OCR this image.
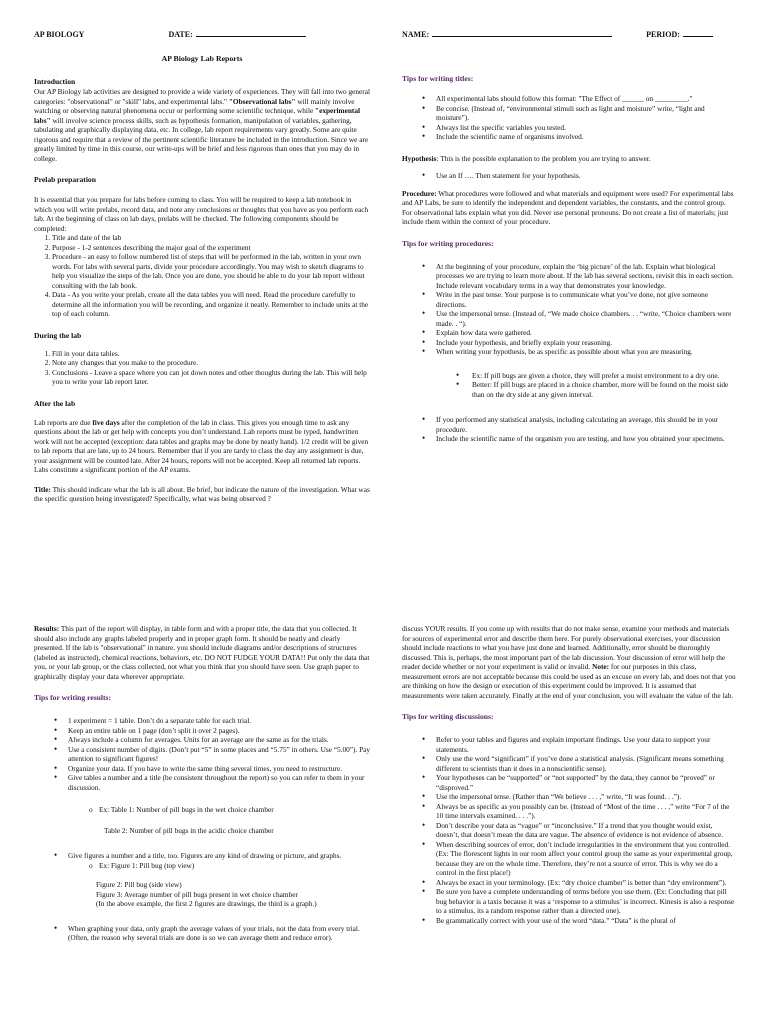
AP BIOLOGY	DATE:
AP Biology Lab Reports
Introduction

Our AP Biology lab activities are designed to provide a wide variety of experiences. They will fall into two general categories: "observational" or "skill" labs, and experimental labs." "Observational labs" will mainly involve watching or observing natural phenomena occur or performing some scientific technique, while "experimental labs" will involve science process skills, such as hypothesis formation, manipulation of variables, gathering, tabulating and graphically displaying data, etc. In college, lab report requirements vary greatly. Some are quite rigorous and require that a review of the pertinent scientific literature be included in the introduction. Since we are greatly limited by time in this course, our write-ups will be brief and less rigorous than ones that you may do in college.

Prelab preparation

It is essential that you prepare for labs before coming to class. You will be required to keep a lab notebook in which you will write prelabs, record data, and note any conclusions or thoughts that you have as you perform each lab. At the beginning of class on lab days, prelabs will be checked. The following components should be completed:

1. Title and date of the lab
2. Purpose - 1-2 sentences describing the major goal of the experiment
3. Procedure - an easy to follow numbered list of steps that will be performed in the lab, written in your own words. For labs with several parts, divide your procedure accordingly. You may wish to sketch diagrams to help you visualize the steps of the lab. Once you are done, you should be able to do your lab report without consulting with the lab book.
4. Data - As you write your prelab, create all the data tables you will need. Read the procedure carefully to determine all the information you will be recording, and organize it neatly. Remember to include units at the top of each column.
During the lab
1. Fill in your data tables.
2. Note any changes that you make to the procedure.
3. Conclusions - Leave a space where you can jot down notes and other thoughts during the lab. This will help you to write your lab report later.
After the lab

Lab reports are due five days after the completion of the lab in class. This gives you enough time to ask any questions about the lab or get help with concepts you don’t understand. Lab reports must be typed, handwritten work will not be accepted (exception: data tables and graphs may be done by neatly hand). 1/2 credit will be given to lab reports that are late, up to 24 hours. Remember that if you are tardy to class the day any assignment is due, your assignment will be counted late. After 24 hours, reports will not be accepted. Keep all returned lab reports. Labs constitute a significant portion of the AP exams.

Title: This should indicate what the lab is all about. Be brief, but indicate the nature of the investigation. What was the specific question being investigated? Specifically, what was being observed ?

NAME:	PERIOD:
Tips for writing titles:
• All experimental labs should follow this format: "The Effect of ______ on _________."
• Be concise. (Instead of, “environmental stimuli such as light and moisture” write, “light and moisture”).
• Always list the specific variables you tested.
• Include the scientific name of organisms involved.

Hypothesis: This is the possible explanation to the problem you are trying to answer.

• Use an If …. Then statement for your hypothesis.

Procedure: What procedures were followed and what materials and equipment were used? For experimental labs and AP Labs, be sure to identify the independent and dependent variables, the constants, and the control group. For observational labs explain what you did. Never use personal pronouns. Do not create a list of materials; just include them within the context of your procedure.

Tips for writing procedures:
• At the beginning of your procedure, explain the ‘big picture’ of the lab. Explain what biological processes we are trying to learn more about. If the lab has several sections, revisit this in each section. Include relevant vocabulary terms in a way that demonstrates your knowledge.
• Write in the past tense. Your purpose is to communicate what you’ve done, not give someone directions.
• Use the impersonal tense. (Instead of, “We made choice chambers. . . “write, “Choice chambers were made. . “).
• Explain how data were gathered.
• Include your hypothesis, and briefly explain your reasoning.
• When writing your hypothesis, be as specific as possible about what you are measuring.
• Ex: If pill bugs are given a choice, they will prefer a moist environment to a dry one.
• Better: If pill bugs are placed in a choice chamber, more will be found on the moist side than on the dry side at any given interval.
• If you performed any statistical analysis, including calculating an average, this should be in your procedure.
• Include the scientific name of the organism you are testing, and how you obtained your specimens.

Results: This part of the report will display, in table form and with a proper title, the data that you collected. It should also include any graphs labeled properly and in proper graph form. It should be neatly and clearly presented. If the lab is "observational" in nature, you should include diagrams and/or descriptions of structures (labeled as instructed), chemical reactions, behaviors, etc. DO NOT FUDGE YOUR DATA!! Put only the data that you, or your lab group, or the class collected, not what you think that you should have seen. Use graph paper to graphically display your data wherever appropriate.

Tips for writing results:
• 1 experiment = 1 table. Don’t do a separate table for each trial.
• Keep an entire table on 1 page (don’t split it over 2 pages).
• Always include a column for averages. Units for an average are the same as for the trials.
• Use a consistent number of digits. (Don’t put “5” in some places and “5.75” in others. Use “5.00”). Pay attention to significant figures!
• Organize your data. If you have to write the same thing several times, you need to restructure.
• Give tables a number and a title (be consistent throughout the report) so you can refer to them in your discussion.
o Ex: Table 1: Number of pill bugs in the wet choice chamber
Table 2: Number of pill bugs in the acidic choice chamber
• Give figures a number and a title, too. Figures are any kind of drawing or picture, and graphs.
o Ex: Figure 1: Pill bug (top view)
Figure 2: Pill bug (side view)
Figure 3: Average number of pill bugs present in wet choice chamber
(In the above example, the first 2 figures are drawings, the third is a graph.)
• When graphing your data, only graph the average values of your trials, not the data from every trial. (Often, the reason why several trials are done is so we can average them and reduce error).

discuss YOUR results. If you come up with results that do not make sense, examine your methods and materials for sources of experimental error and describe them here. For purely observational exercises, your discussion should include reactions to what you have just done and learned. Additionally, error should be thoroughly discussed. This is, perhaps, the most important part of the lab discussion. Your discussion of error will help the reader decide whether or not your experiment is valid or invalid. Note: for our purposes in this class, measurement errors are not acceptable because this could be used as an excuse on every lab, and does not that you are thinking on how the design or execution of this experiment could be improved. It is assumed that measurements were taken accurately. Finally at the end of your conclusion, you will evaluate the value of the lab.

Tips for writing discussions:
• Refer to your tables and figures and explain important findings. Use your data to support your statements.
• Only use the word “significant” if you’ve done a statistical analysis. (Significant means something different to scientists than it does in a nonscientific sense).
• Your hypotheses can be “supported” or “not supported” by the data, they cannot be “proved” or “disproved.”
• Use the impersonal tense. (Rather than “We believe . . . ,” write, “It was found. . .”).
• Always be as specific as you possibly can be. (Instead of “Most of the time . . . ,” write “For 7 of the 10 time intervals examined. . . .”).
• Don’t describe your data as “vague” or “inconclusive.” If a trend that you thought would exist, doesn’t, that doesn’t mean the data are vague. The absence of evidence is not evidence of absence.
• When describing sources of error, don’t include irregularities in the environment that you controlled. (Ex: The florescent lights in our room affect your control group the same as your experimental group, because they are on the whole time. Therefore, they’re not a source of error. This is why we do a control in the first place!)
• Always be exact in your terminology. (Ex: “dry choice chamber” is better than “dry environment”).
• Be sure you have a complete understanding of terms before you use them. (Ex: Concluding that pill bug behavior is a taxis because it was a ‘response to a stimulus’ is incorrect. Kinesis is also a response to a stimulus, its a random response rather than a directed one).
• Be grammatically correct with your use of the word “data.” “Data” is the plural of
